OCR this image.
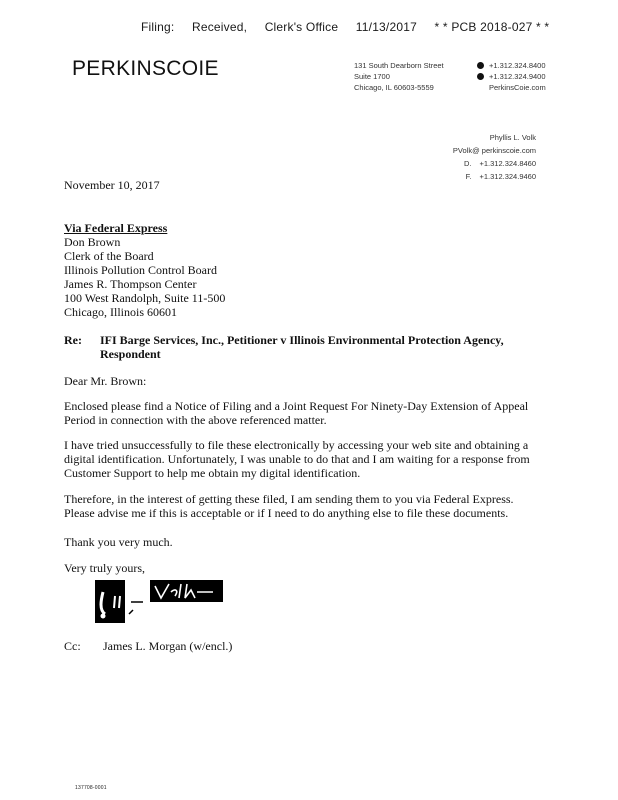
Filing: Received, Clerk's Office 11/13/2017 * * PCB 2018-027 * *
PERKINSCOIE	131 South Dearborn Street
Suite 1700
Chicago, IL 60603-5559
+1.312.324.8400
+1.312.324.9400
PerkinsCoie.com
Phyllis L. Volk
PVolk@ perkinscoie.com
D. +1.312.324.8460
F. +1.312.324.9460
November 10, 2017
Via Federal Express
Don Brown
Clerk of the Board
Illinois Pollution Control Board
James R. Thompson Center
100 West Randolph, Suite 11-500
Chicago, Illinois 60601
Re: IFI Barge Services, Inc., Petitioner v Illinois Environmental Protection Agency, Respondent

Dear Mr. Brown:

Enclosed please find a Notice of Filing and a Joint Request For Ninety-Day Extension of Appeal Period in connection with the above referenced matter.

I have tried unsuccessfully to file these electronically by accessing your web site and obtaining a digital identification. Unfortunately, I was unable to do that and I am waiting for a response from Customer Support to help me obtain my digital identification.

Therefore, in the interest of getting these filed, I am sending them to you via Federal Express. Please advise me if this is acceptable or if I need to do anything else to file these documents.

Thank you very much.

Very truly yours,

Cc: James L. Morgan (w/encl.)
137708-0001
